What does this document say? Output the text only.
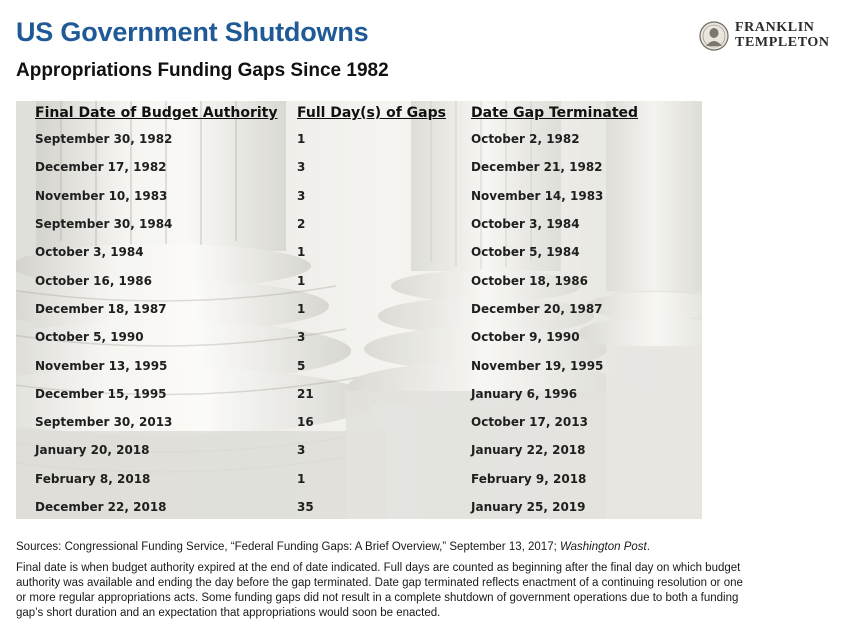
US Government Shutdowns
Appropriations Funding Gaps Since 1982
FRANKLIN
TEMPLETON
Final Date of Budget Authority	Full Day(s) of Gaps	Date Gap Terminated
September 30, 1982	1	October 2, 1982
December 17, 1982	3	December 21, 1982
November 10, 1983	3	November 14, 1983
September 30, 1984	2	October 3, 1984
October 3, 1984	1	October 5, 1984
October 16, 1986	1	October 18, 1986
December 18, 1987	1	December 20, 1987
October 5, 1990	3	October 9, 1990
November 13, 1995	5	November 19, 1995
December 15, 1995	21	January 6, 1996
September 30, 2013	16	October 17, 2013
January 20, 2018	3	January 22, 2018
February 8, 2018	1	February 9, 2018
December 22, 2018	35	January 25, 2019

Sources: Congressional Funding Service, “Federal Funding Gaps: A Brief Overview,” September 13, 2017; Washington Post.

Final date is when budget authority expired at the end of date indicated. Full days are counted as beginning after the final day on which budget authority was available and ending the day before the gap terminated. Date gap terminated reflects enactment of a continuing resolution or one or more regular appropriations acts. Some funding gaps did not result in a complete shutdown of government operations due to both a funding gap’s short duration and an expectation that appropriations would soon be enacted.
